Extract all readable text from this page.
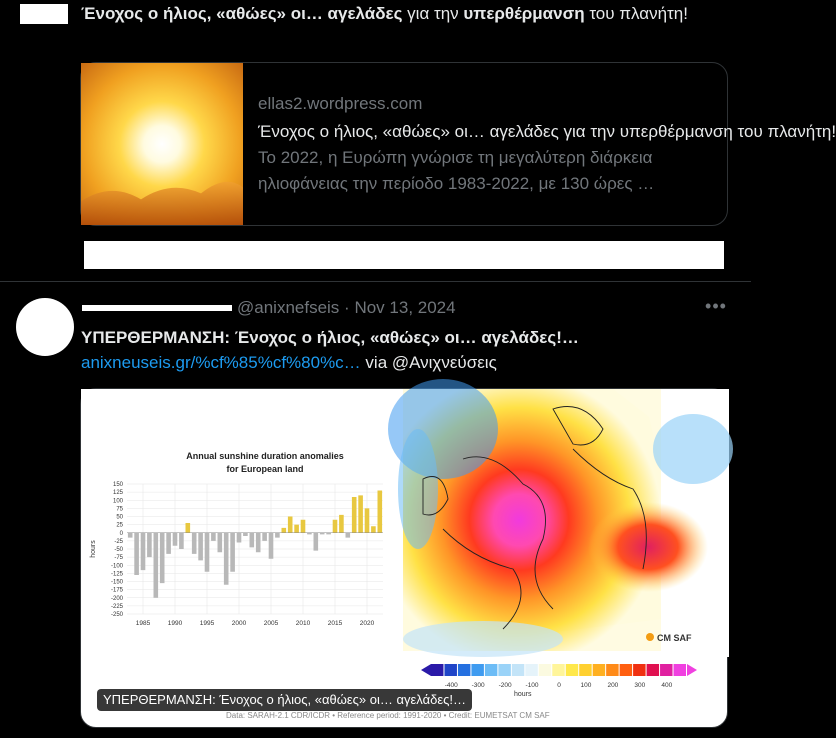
Ένοχος ο ήλιος, «αθώες» οι… αγελάδες για την υπερθέρμανση του πλανήτη!
ellas2.wordpress.com
Ένοχος ο ήλιος, «αθώες» οι… αγελάδες για την υπερθέρμανση του πλανήτη!
Το 2022, η Ευρώπη γνώρισε τη μεγαλύτερη διάρκεια ηλιοφάνειας την περίοδο 1983-2022, με 130 ώρες …
@anixnefseis · Nov 13, 2024	•••
ΥΠΕΡΘΕΡΜΑΝΣΗ: Ένοχος ο ήλιος, «αθώες» οι… αγελάδες!…
anixneuseis.gr/%cf%85%cf%80%c… via @Ανιχνεύσεις
Annual sunshine duration anomalies
for European land
150
125
100
75
50
25
0
-25
-50
-75
-100
-125
-150
-175
-200
-225
-250
1985	1990	1995	2000	2005	2010	2015	2020
hours
CM SAF
-400 -300 -200 -100	0	100 200 300 400
hours
Data: SARAH-2.1 CDR/ICDR • Reference period: 1991-2020 • Credit: EUMETSAT CM SAF
ΥΠΕΡΘΕΡΜΑΝΣΗ: Ένοχος ο ήλιος, «αθώες» οι… αγελάδες!…
